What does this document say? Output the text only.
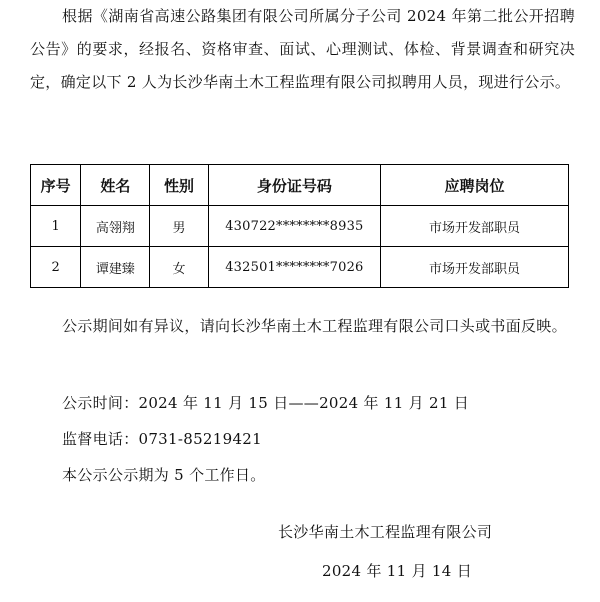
根据《湖南省高速公路集团有限公司所属分子公司 2024 年第二批公开招聘公告》的要求，经报名、资格审查、面试、心理测试、体检、背景调查和研究决定，确定以下 2 人为长沙华南土木工程监理有限公司拟聘用人员，现进行公示。

序号	姓名	性别	身份证号码	应聘岗位
1	高翎翔	男	430722********8935	市场开发部职员
2	谭建臻	女	432501********7026	市场开发部职员

公示期间如有异议，请向长沙华南土木工程监理有限公司口头或书面反映。

公示时间：2024 年 11 月 15 日——2024 年 11 月 21 日

监督电话：0731-85219421

本公示公示期为 5 个工作日。

长沙华南土木工程监理有限公司

2024 年 11 月 14 日
